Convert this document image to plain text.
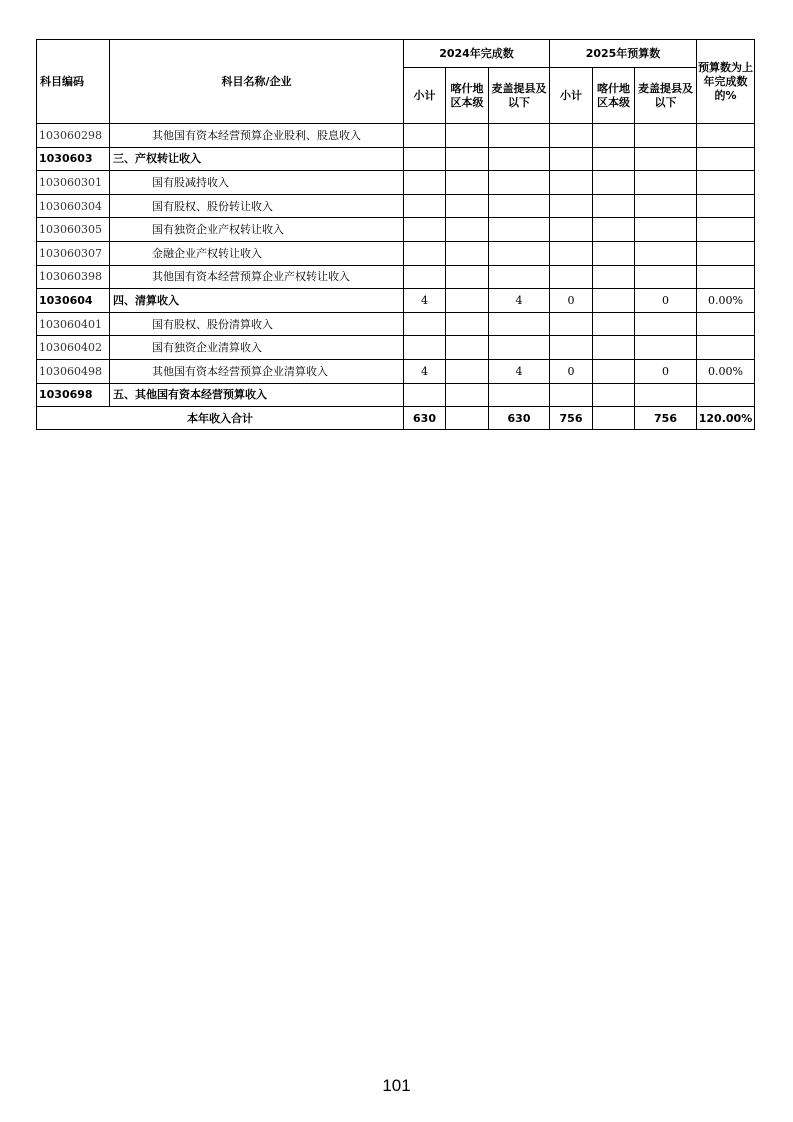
科目编码	科目名称/企业	2024年完成数			2025年预算数			预算数为上年完成数的%
		小计	喀什地区本级	麦盖提县及以下	小计	喀什地区本级	麦盖提县及以下	
103060298	其他国有资本经营预算企业股利、股息收入							
1030603	三、产权转让收入							
103060301	国有股减持收入							
103060304	国有股权、股份转让收入							
103060305	国有独资企业产权转让收入							
103060307	金融企业产权转让收入							
103060398	其他国有资本经营预算企业产权转让收入							
1030604	四、清算收入	4		4	0		0	0.00%
103060401	国有股权、股份清算收入							
103060402	国有独资企业清算收入							
103060498	其他国有资本经营预算企业清算收入	4		4	0		0	0.00%
1030698	五、其他国有资本经营预算收入							
本年收入合计		630		630	756		756	120.00%
101
